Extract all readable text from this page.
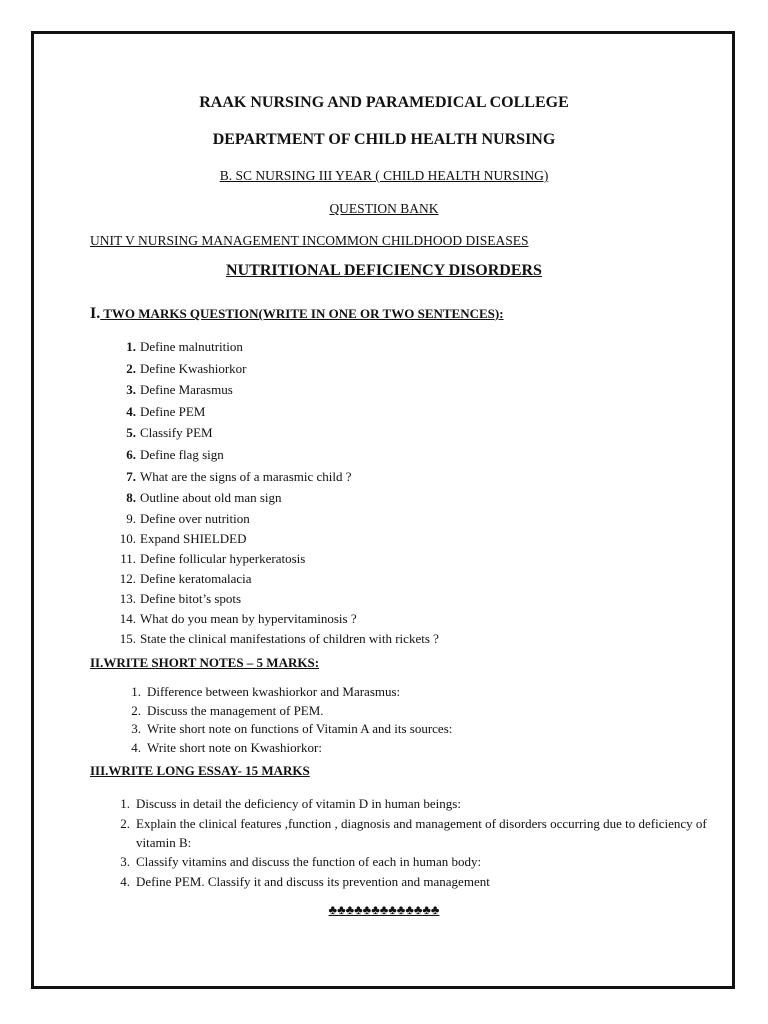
RAAK NURSING AND PARAMEDICAL COLLEGE
DEPARTMENT OF CHILD HEALTH NURSING
B. SC NURSING III YEAR ( CHILD HEALTH NURSING)
QUESTION BANK
UNIT V NURSING MANAGEMENT INCOMMON CHILDHOOD DISEASES
NUTRITIONAL DEFICIENCY DISORDERS
I. TWO MARKS QUESTION(WRITE IN ONE OR TWO SENTENCES):
1. Define malnutrition
2. Define Kwashiorkor
3. Define Marasmus
4. Define PEM
5. Classify PEM
6. Define flag sign
7. What are the signs of a marasmic child ?
8. Outline about old man sign
9. Define over nutrition
10. Expand SHIELDED
11. Define follicular hyperkeratosis
12. Define keratomalacia
13. Define bitot’s spots
14. What do you mean by hypervitaminosis ?
15. State the clinical manifestations of children with rickets ?
II.WRITE SHORT NOTES – 5 MARKS:
1. Difference between kwashiorkor and Marasmus:
2. Discuss the management of PEM.
3. Write short note on functions of Vitamin A and its sources:
4. Write short note on Kwashiorkor:
III.WRITE LONG ESSAY- 15 MARKS
1. Discuss in detail the deficiency of vitamin D in human beings:
2. Explain the clinical features ,function , diagnosis and management of disorders occurring due to deficiency of vitamin B:
3. Classify vitamins and discuss the function of each in human body:
4. Define PEM. Classify it and discuss its prevention and management
♣♣♣♣♣♣♣♣♣♣♣♣♣
